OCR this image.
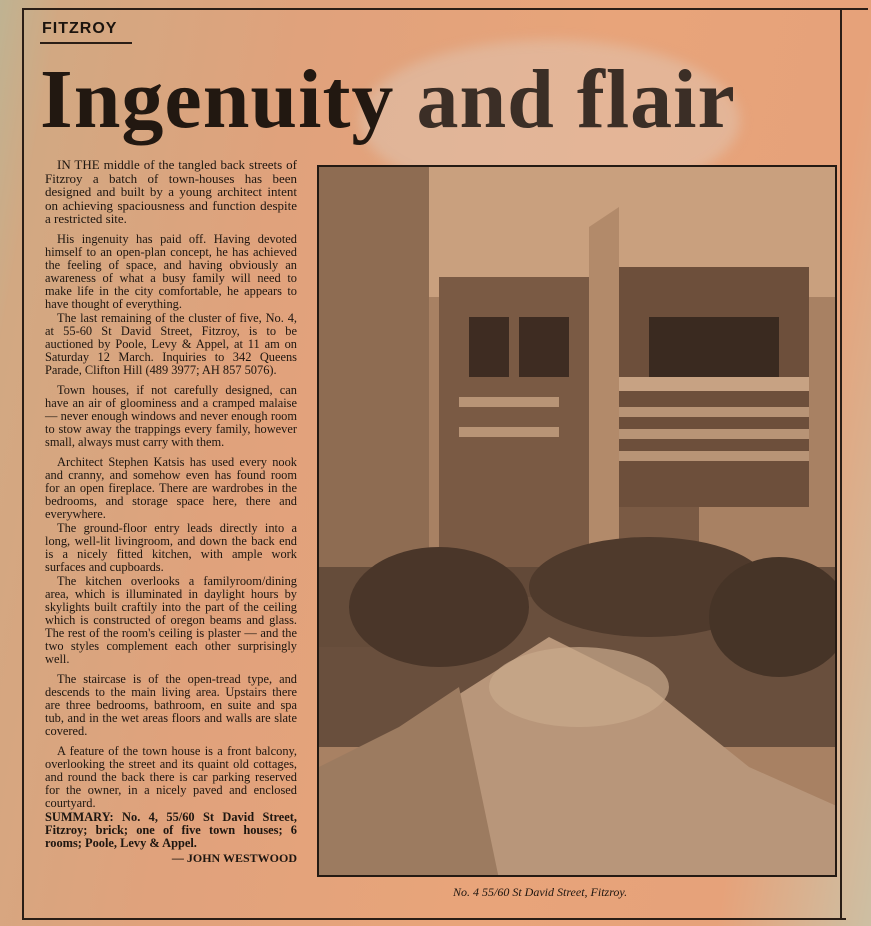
FITZROY
Ingenuity and flair

IN THE middle of the tangled back streets of Fitzroy a batch of town-houses has been designed and built by a young architect intent on achieving spaciousness and function despite a restricted site.

His ingenuity has paid off. Having devoted himself to an open-plan concept, he has achieved the feeling of space, and having obviously an awareness of what a busy family will need to make life in the city comfortable, he appears to have thought of everything.

The last remaining of the cluster of five, No. 4, at 55-60 St David Street, Fitzroy, is to be auctioned by Poole, Levy & Appel, at 11 am on Saturday 12 March. Inquiries to 342 Queens Parade, Clifton Hill (489 3977; AH 857 5076).

Town houses, if not carefully designed, can have an air of gloominess and a cramped malaise — never enough windows and never enough room to stow away the trappings every family, however small, always must carry with them.

Architect Stephen Katsis has used every nook and cranny, and somehow even has found room for an open fireplace. There are wardrobes in the bedrooms, and storage space here, there and everywhere.

The ground-floor entry leads directly into a long, well-lit livingroom, and down the back end is a nicely fitted kitchen, with ample work surfaces and cupboards.

The kitchen overlooks a familyroom/dining area, which is illuminated in daylight hours by skylights built craftily into the part of the ceiling which is constructed of oregon beams and glass. The rest of the room's ceiling is plaster — and the two styles complement each other surprisingly well.

The staircase is of the open-tread type, and descends to the main living area. Upstairs there are three bedrooms, bathroom, en suite and spa tub, and in the wet areas floors and walls are slate covered.

A feature of the town house is a front balcony, overlooking the street and its quaint old cottages, and round the back there is car parking reserved for the owner, in a nicely paved and enclosed courtyard.

SUMMARY: No. 4, 55/60 St David Street, Fitzroy; brick; one of five town houses; 6 rooms; Poole, Levy & Appel.

— JOHN WESTWOOD
No. 4 55/60 St David Street, Fitzroy.
